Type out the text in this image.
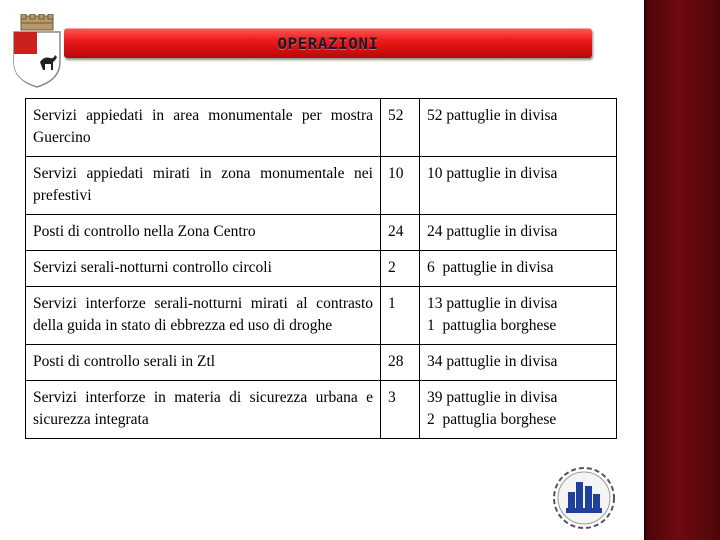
OPERAZIONI
Servizi appiedati in area monumentale per mostra Guercino	52	52 pattuglie in divisa
Servizi appiedati mirati in zona monumentale nei prefestivi	10	10 pattuglie in divisa
Posti di controllo nella Zona Centro	24	24 pattuglie in divisa
Servizi serali-notturni controllo circoli	2	6  pattuglie in divisa
Servizi interforze serali-notturni mirati al contrasto della guida in stato di ebbrezza ed uso di droghe	1	13 pattuglie in divisa
1  pattuglia borghese
Posti di controllo serali in Ztl	28	34 pattuglie in divisa
Servizi interforze in materia di sicurezza urbana e sicurezza integrata	3	39 pattuglie in divisa
2  pattuglia borghese
